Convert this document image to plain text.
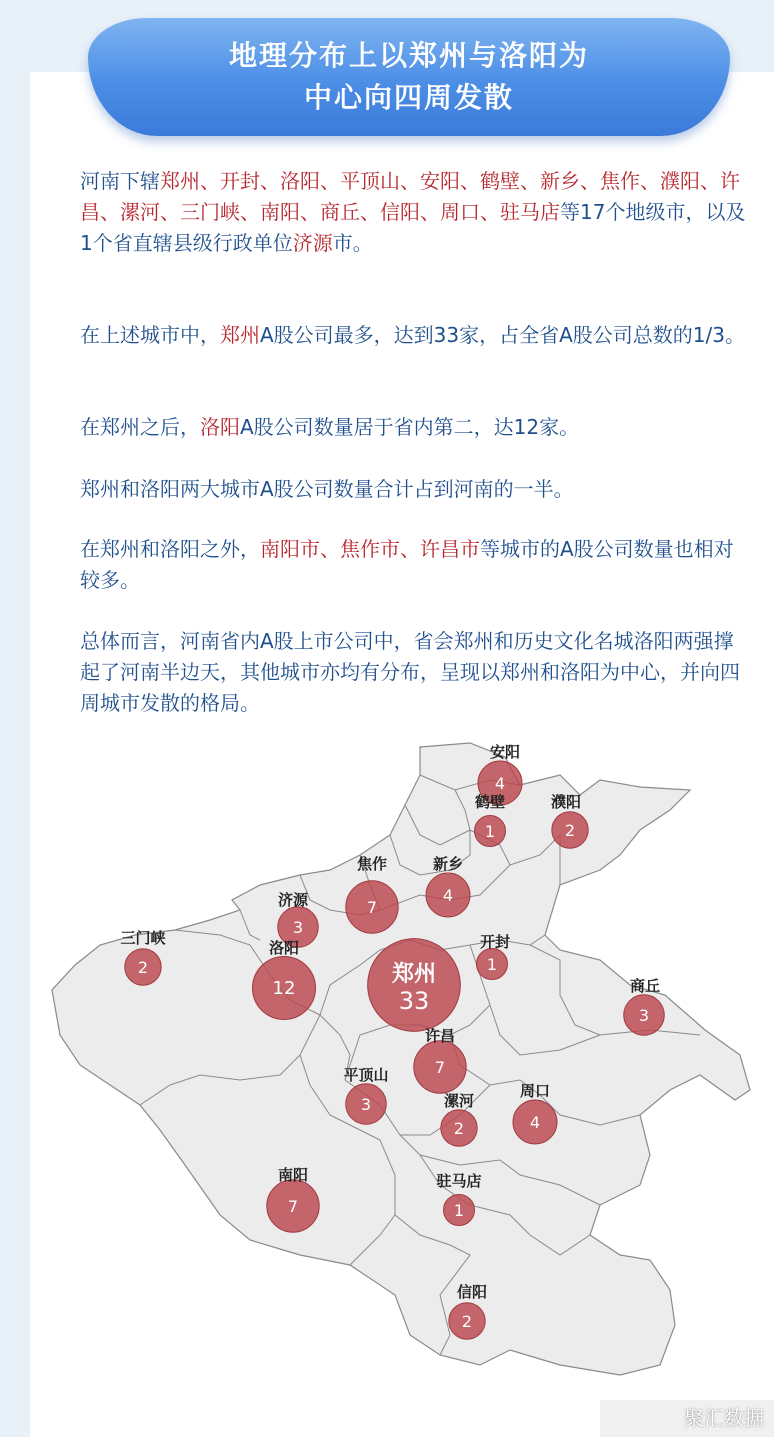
地理分布上以郑州与洛阳为
中心向四周发散
河南下辖郑州、开封、洛阳、平顶山、安阳、鹤壁、新乡、焦作、濮阳、许昌、漯河、三门峡、南阳、商丘、信阳、周口、驻马店等17个地级市，以及1个省直辖县级行政单位济源市。
在上述城市中，郑州A股公司最多，达到33家，占全省A股公司总数的1/3。
在郑州之后，洛阳A股公司数量居于省内第二，达12家。
郑州和洛阳两大城市A股公司数量合计占到河南的一半。
在郑州和洛阳之外，南阳市、焦作市、许昌市等城市的A股公司数量也相对较多。
总体而言，河南省内A股上市公司中，省会郑州和历史文化名城洛阳两强撑起了河南半边天，其他城市亦均有分布，呈现以郑州和洛阳为中心，并向四周城市发散的格局。
安阳
4
鹤壁
1
濮阳
2
焦作
7
新乡
4
济源
3
三门峡
2
洛阳
12
郑州
33
开封
1
商丘
3
许昌
7
平顶山
3	漯河
2
周口
4
南阳
7
驻马店
1
信阳
2
聚汇数据
